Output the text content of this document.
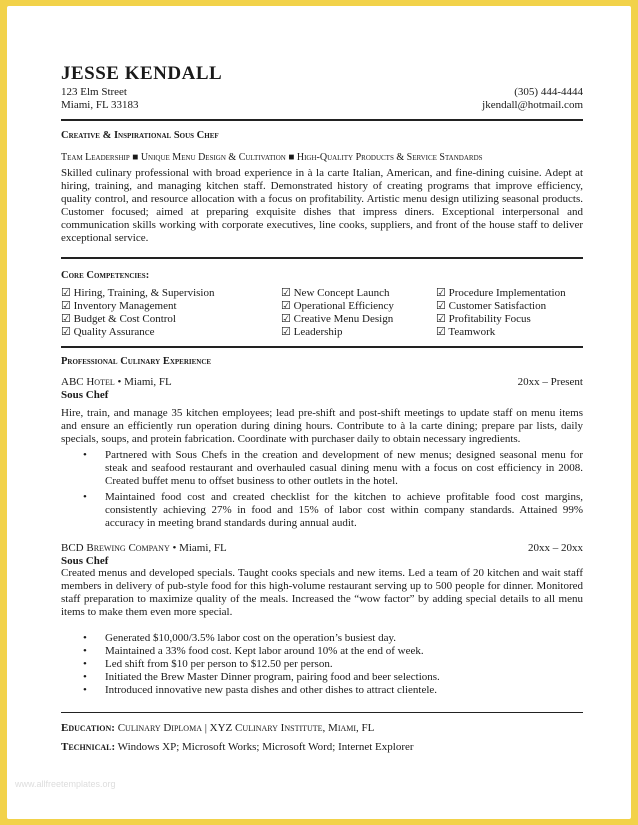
JESSE KENDALL
123 Elm Street
Miami, FL 33183
(305) 444-4444
jkendall@hotmail.com
Creative & Inspirational Sous Chef
Team Leadership ■ Unique Menu Design & Cultivation ■ High-Quality Products & Service Standards
Skilled culinary professional with broad experience in à la carte Italian, American, and fine-dining cuisine. Adept at hiring, training, and managing kitchen staff. Demonstrated history of creating programs that improve efficiency, quality control, and resource allocation with a focus on profitability. Artistic menu design utilizing seasonal products. Customer focused; aimed at preparing exquisite dishes that impress diners. Exceptional interpersonal and communication skills working with corporate executives, line cooks, suppliers, and front of the house staff to deliver exceptional service.
Core Competencies:
☑ Hiring, Training, & Supervision
☑ Inventory Management
☑ Budget & Cost Control
☑ Quality Assurance
☑ New Concept Launch
☑ Operational Efficiency
☑ Creative Menu Design
☑ Leadership
☑ Procedure Implementation
☑ Customer Satisfaction
☑ Profitability Focus
☑ Teamwork
Professional Culinary Experience
ABC Hotel • Miami, FL	20xx – Present
Sous Chef
Hire, train, and manage 35 kitchen employees; lead pre-shift and post-shift meetings to update staff on menu items and ensure an efficiently run operation during dining hours. Contribute to à la carte dining; prepare par lists, daily specials, soups, and protein fabrication. Coordinate with purchaser daily to obtain necessary ingredients.
• Partnered with Sous Chefs in the creation and development of new menus; designed seasonal menu for steak and seafood restaurant and overhauled casual dining menu with a focus on cost efficiency in 2008. Created buffet menu to offset business to other outlets in the hotel.
• Maintained food cost and created checklist for the kitchen to achieve profitable food cost margins, consistently achieving 27% in food and 15% of labor cost within company standards. Attained 99% accuracy in meeting brand standards during annual audit.
BCD Brewing Company • Miami, FL	20xx – 20xx
Sous Chef
Created menus and developed specials. Taught cooks specials and new items. Led a team of 20 kitchen and wait staff members in delivery of pub-style food for this high-volume restaurant serving up to 500 people for dinner. Monitored staff preparation to maximize quality of the meals. Increased the “wow factor” by adding special details to all menu items to make them even more special.
• Generated $10,000/3.5% labor cost on the operation’s busiest day.
• Maintained a 33% food cost. Kept labor around 10% at the end of week.
• Led shift from $10 per person to $12.50 per person.
• Initiated the Brew Master Dinner program, pairing food and beer selections.
• Introduced innovative new pasta dishes and other dishes to attract clientele.
Education: Culinary Diploma | XYZ Culinary Institute, Miami, FL
Technical: Windows XP; Microsoft Works; Microsoft Word; Internet Explorer
www.allfreetemplates.org
